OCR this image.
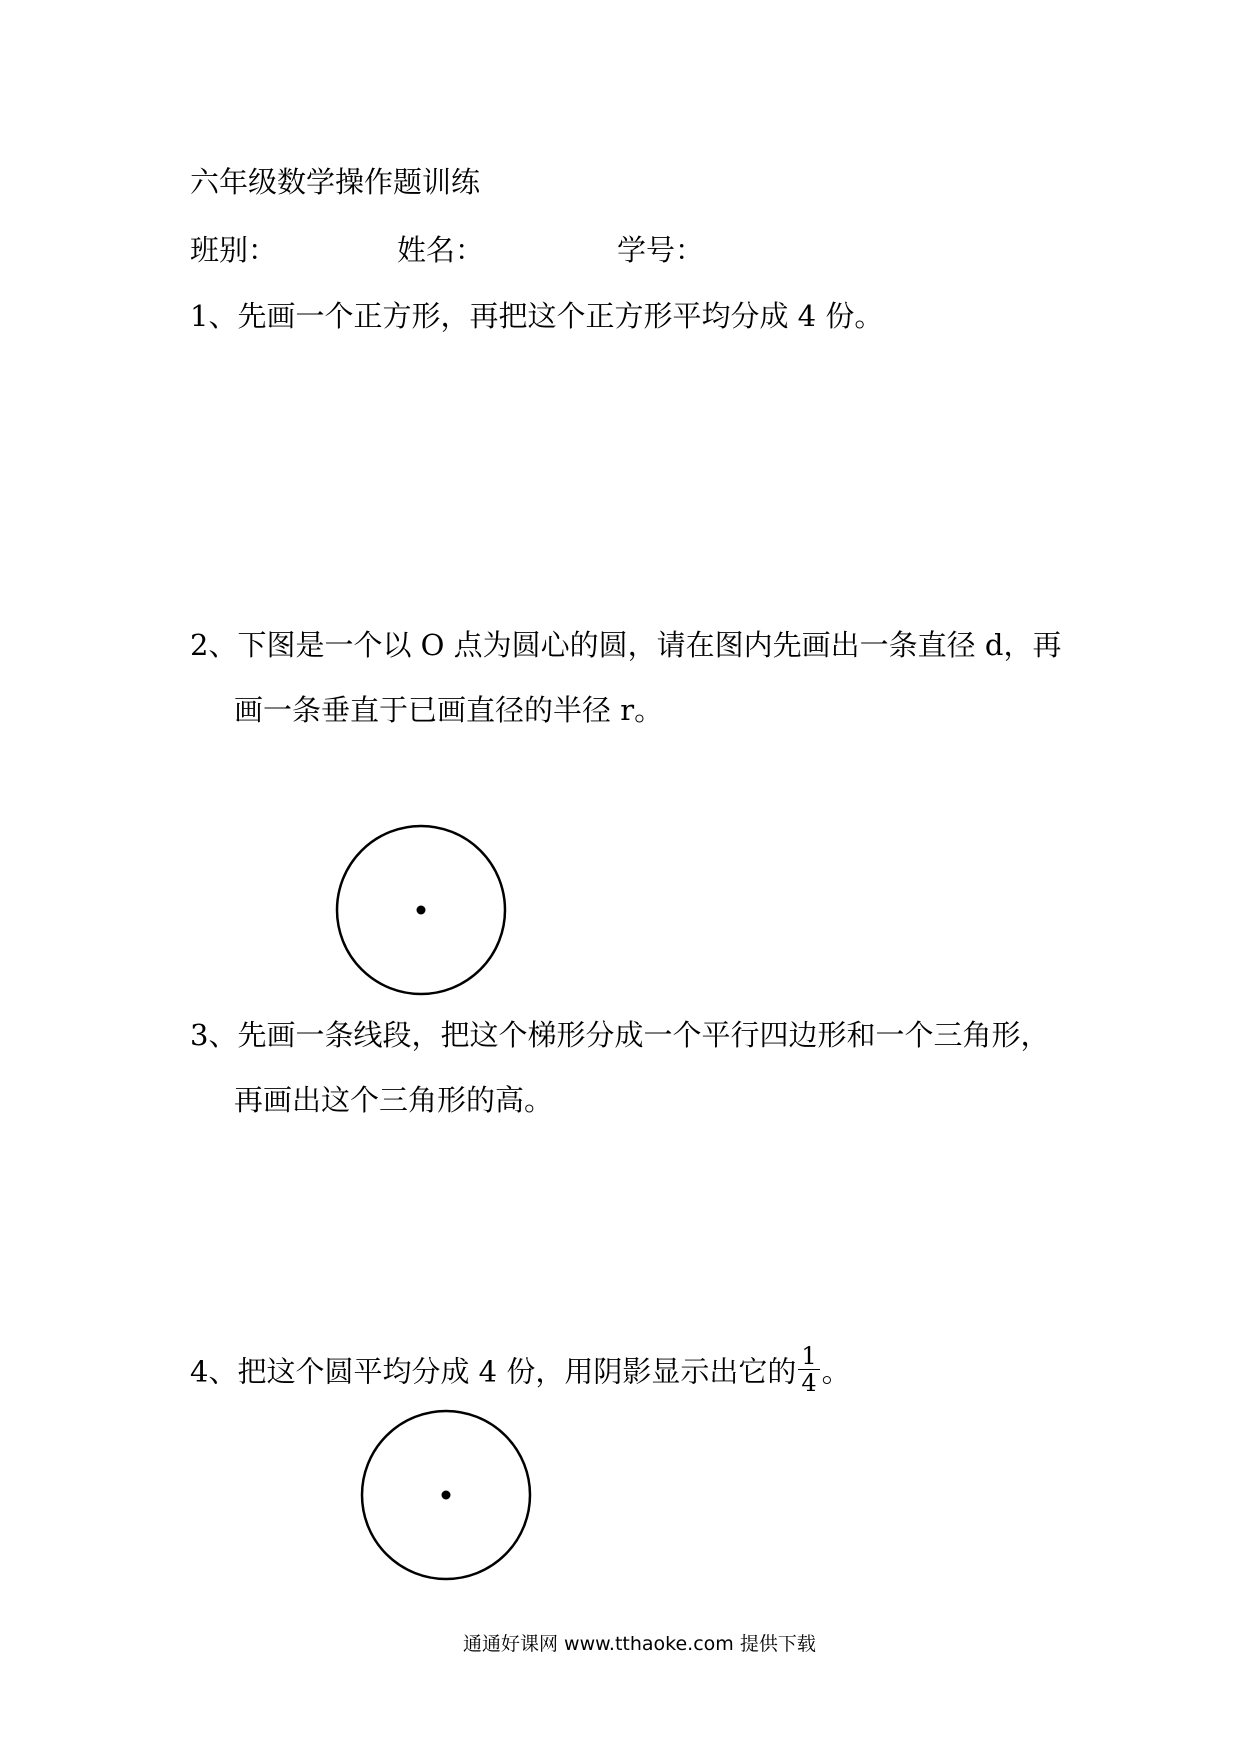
六年级数学操作题训练
班别：	姓名：	学号：
1、先画一个正方形，再把这个正方形平均分成 4 份。
2、下图是一个以 O 点为圆心的圆，请在图内先画出一条直径 d，再
画一条垂直于已画直径的半径 r。
3、先画一条线段，把这个梯形分成一个平行四边形和一个三角形，
再画出这个三角形的高。
4、把这个圆平均分成 4 份，用阴影显示出它的 $\frac{1}{4}$ 。
通通好课网 www.tthaoke.com 提供下载
